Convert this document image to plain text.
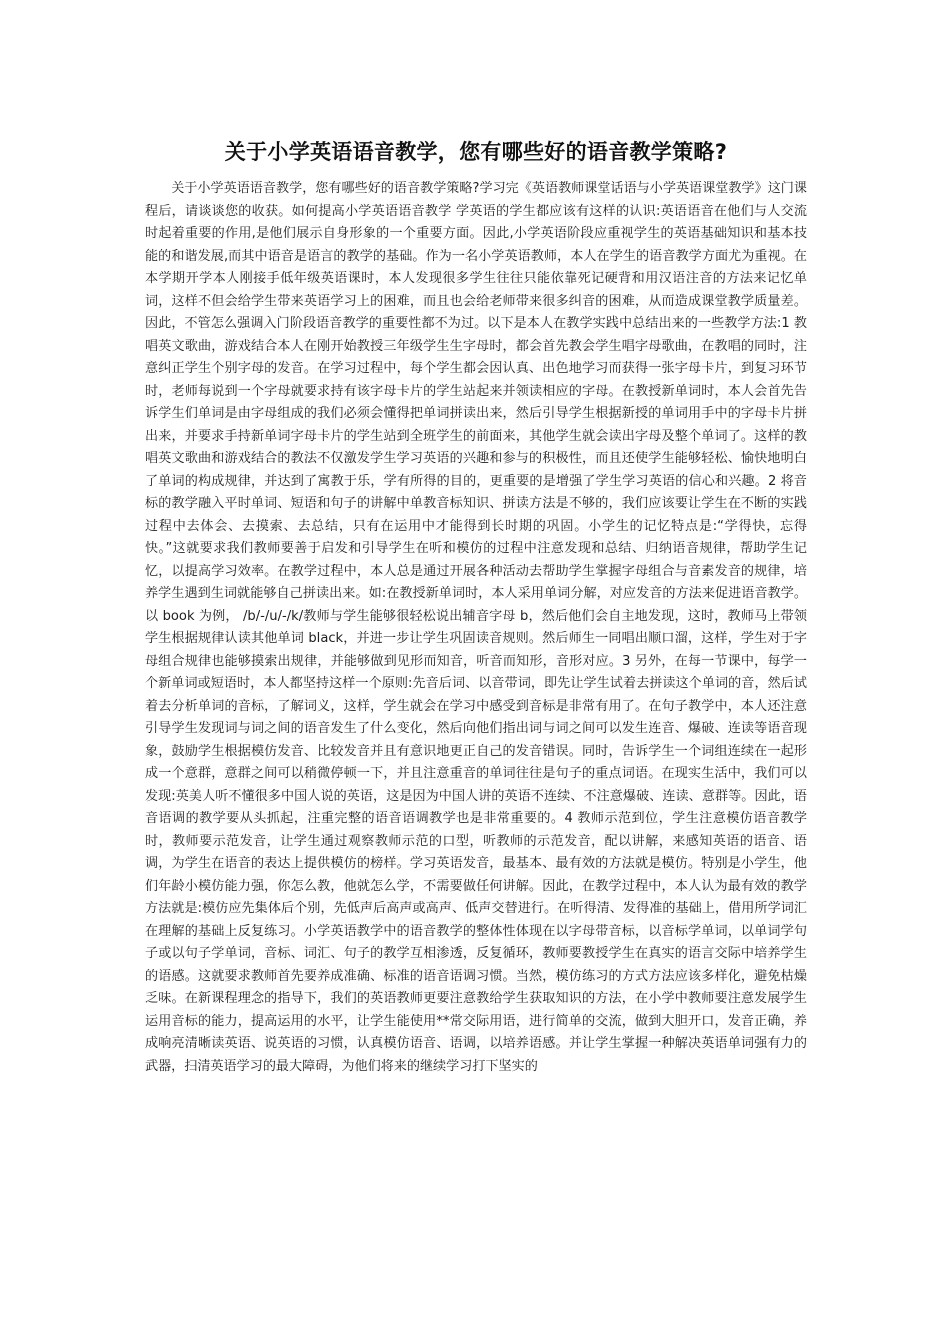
关于小学英语语音教学，您有哪些好的语音教学策略?

关于小学英语语音教学，您有哪些好的语音教学策略?学习完《英语教师课堂话语与小学英语课堂教学》这门课程后，请谈谈您的收获。如何提高小学英语语音教学 学英语的学生都应该有这样的认识:英语语音在他们与人交流时起着重要的作用,是他们展示自身形象的一个重要方面。因此,小学英语阶段应重视学生的英语基础知识和基本技能的和谐发展,而其中语音是语言的教学的基础。作为一名小学英语教师，本人在学生的语音教学方面尤为重视。在本学期开学本人刚接手低年级英语课时，本人发现很多学生往往只能依靠死记硬背和用汉语注音的方法来记忆单词，这样不但会给学生带来英语学习上的困难，而且也会给老师带来很多纠音的困难，从而造成课堂教学质量差。因此，不管怎么强调入门阶段语音教学的重要性都不为过。以下是本人在教学实践中总结出来的一些教学方法:1 教唱英文歌曲，游戏结合本人在刚开始教授三年级学生生字母时，都会首先教会学生唱字母歌曲，在教唱的同时，注意纠正学生个别字母的发音。在学习过程中，每个学生都会因认真、出色地学习而获得一张字母卡片，到复习环节时，老师每说到一个字母就要求持有该字母卡片的学生站起来并领读相应的字母。在教授新单词时，本人会首先告诉学生们单词是由字母组成的我们必须会懂得把单词拼读出来，然后引导学生根据新授的单词用手中的字母卡片拼出来，并要求手持新单词字母卡片的学生站到全班学生的前面来，其他学生就会读出字母及整个单词了。这样的教唱英文歌曲和游戏结合的教法不仅激发学生学习英语的兴趣和参与的积极性，而且还使学生能够轻松、愉快地明白了单词的构成规律，并达到了寓教于乐，学有所得的目的，更重要的是增强了学生学习英语的信心和兴趣。2 将音标的教学融入平时单词、短语和句子的讲解中单教音标知识、拼读方法是不够的，我们应该要让学生在不断的实践过程中去体会、去摸索、去总结，只有在运用中才能得到长时期的巩固。小学生的记忆特点是:“学得快，忘得快。”这就要求我们教师要善于启发和引导学生在听和模仿的过程中注意发现和总结、归纳语音规律，帮助学生记忆，以提高学习效率。在教学过程中，本人总是通过开展各种活动去帮助学生掌握字母组合与音素发音的规律，培养学生遇到生词就能够自己拼读出来。如:在教授新单词时，本人采用单词分解，对应发音的方法来促进语音教学。以 book 为例， /b/-/u/-/k/教师与学生能够很轻松说出辅音字母 b，然后他们会自主地发现，这时，教师马上带领学生根据规律认读其他单词 black，并进一步让学生巩固读音规则。然后师生一同唱出顺口溜，这样，学生对于字母组合规律也能够摸索出规律，并能够做到见形而知音，听音而知形，音形对应。3 另外，在每一节课中，每学一个新单词或短语时，本人都坚持这样一个原则:先音后词、以音带词，即先让学生试着去拼读这个单词的音，然后试着去分析单词的音标，了解词义，这样，学生就会在学习中感受到音标是非常有用了。在句子教学中，本人还注意引导学生发现词与词之间的语音发生了什么变化，然后向他们指出词与词之间可以发生连音、爆破、连读等语音现象，鼓励学生根据模仿发音、比较发音并且有意识地更正自己的发音错误。同时，告诉学生一个词组连续在一起形成一个意群，意群之间可以稍微停顿一下，并且注意重音的单词往往是句子的重点词语。在现实生活中，我们可以发现:英美人听不懂很多中国人说的英语，这是因为中国人讲的英语不连续、不注意爆破、连读、意群等。因此，语音语调的教学要从头抓起，注重完整的语音语调教学也是非常重要的。4 教师示范到位，学生注意模仿语音教学时，教师要示范发音，让学生通过观察教师示范的口型，听教师的示范发音，配以讲解，来感知英语的语音、语调，为学生在语音的表达上提供模仿的榜样。学习英语发音，最基本、最有效的方法就是模仿。特别是小学生，他们年龄小模仿能力强，你怎么教，他就怎么学，不需要做任何讲解。因此，在教学过程中，本人认为最有效的教学方法就是:模仿应先集体后个别，先低声后高声或高声、低声交替进行。在听得清、发得准的基础上，借用所学词汇在理解的基础上反复练习。小学英语教学中的语音教学的整体性体现在以字母带音标，以音标学单词，以单词学句子或以句子学单词，音标、词汇、句子的教学互相渗透，反复循环，教师要教授学生在真实的语言交际中培养学生的语感。这就要求教师首先要养成准确、标准的语音语调习惯。当然，模仿练习的方式方法应该多样化，避免枯燥乏味。在新课程理念的指导下，我们的英语教师更要注意教给学生获取知识的方法，在小学中教师要注意发展学生运用音标的能力，提高运用的水平，让学生能使用**常交际用语，进行简单的交流，做到大胆开口，发音正确，养成响亮清晰读英语、说英语的习惯，认真模仿语音、语调，以培养语感。并让学生掌握一种解决英语单词强有力的武器，扫清英语学习的最大障碍，为他们将来的继续学习打下坚实的
